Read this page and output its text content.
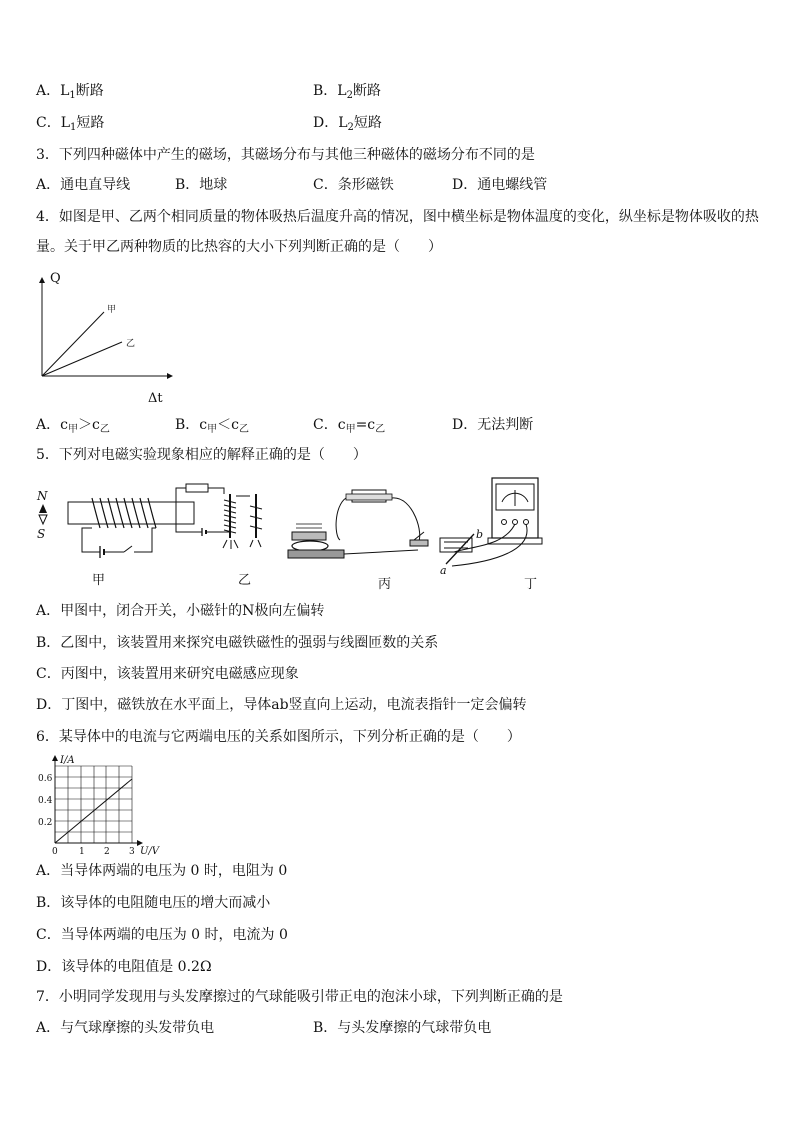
A．$L_1$断路	B．$L_2$断路
C．$L_1$短路	D．$L_2$短路
3．下列四种磁体中产生的磁场，其磁场分布与其他三种磁体的磁场分布不同的是
A．通电直导线	B．地球	C．条形磁铁	D．通电螺线管
4．如图是甲、乙两个相同质量的物体吸热后温度升高的情况，图中横坐标是物体温度的变化，纵坐标是物体吸收的热
量。关于甲乙两种物质的比热容的大小下列判断正确的是（　　）
Q
Δt
甲
乙
A．$c_甲>c_乙$	B．$c_甲<c_乙$	C．$c_甲=c_乙$	D．无法判断
5．下列对电磁实验现象相应的解释正确的是（　　）
N
S
甲	乙	丙
a
b
丁
A．甲图中，闭合开关，小磁针的N极向左偏转
B．乙图中，该装置用来探究电磁铁磁性的强弱与线圈匝数的关系
C．丙图中，该装置用来研究电磁感应现象
D．丁图中，磁铁放在水平面上，导体ab竖直向上运动，电流表指针一定会偏转
6．某导体中的电流与它两端电压的关系如图所示，下列分析正确的是（　　）
I/A
U/V
0.6
0.4
0.2
0 1 2 3
A．当导体两端的电压为 0 时，电阻为 0
B．该导体的电阻随电压的增大而减小
C．当导体两端的电压为 0 时，电流为 0
D．该导体的电阻值是 0.2Ω
7．小明同学发现用与头发摩擦过的气球能吸引带正电的泡沫小球，下列判断正确的是
A．与气球摩擦的头发带负电	B．与头发摩擦的气球带负电
